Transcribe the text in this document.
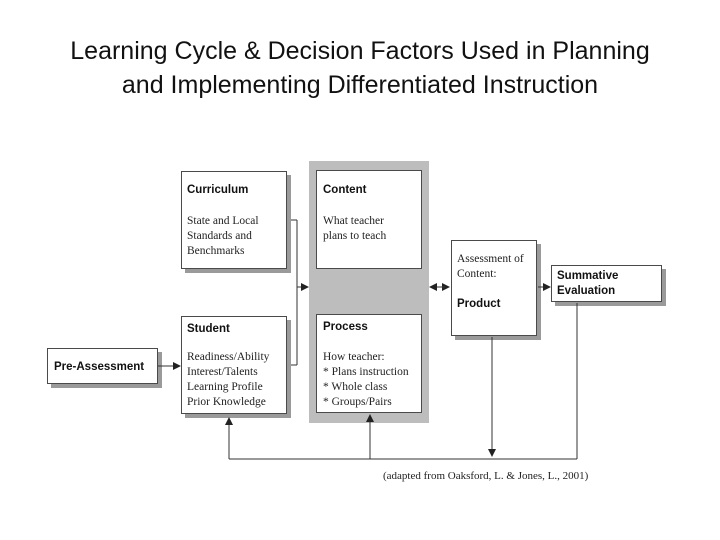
Learning Cycle & Decision Factors Used in Planning
and Implementing Differentiated Instruction
Curriculum
State and Local
Standards and
Benchmarks
Content
What teacher
plans to teach
Student
Readiness/Ability
Interest/Talents
Learning Profile
Prior Knowledge
Process
How teacher:
* Plans instruction
* Whole class
* Groups/Pairs
Assessment of
Content:
Product
Summative
Evaluation
Pre-Assessment
(adapted from Oaksford, L. & Jones, L., 2001)
